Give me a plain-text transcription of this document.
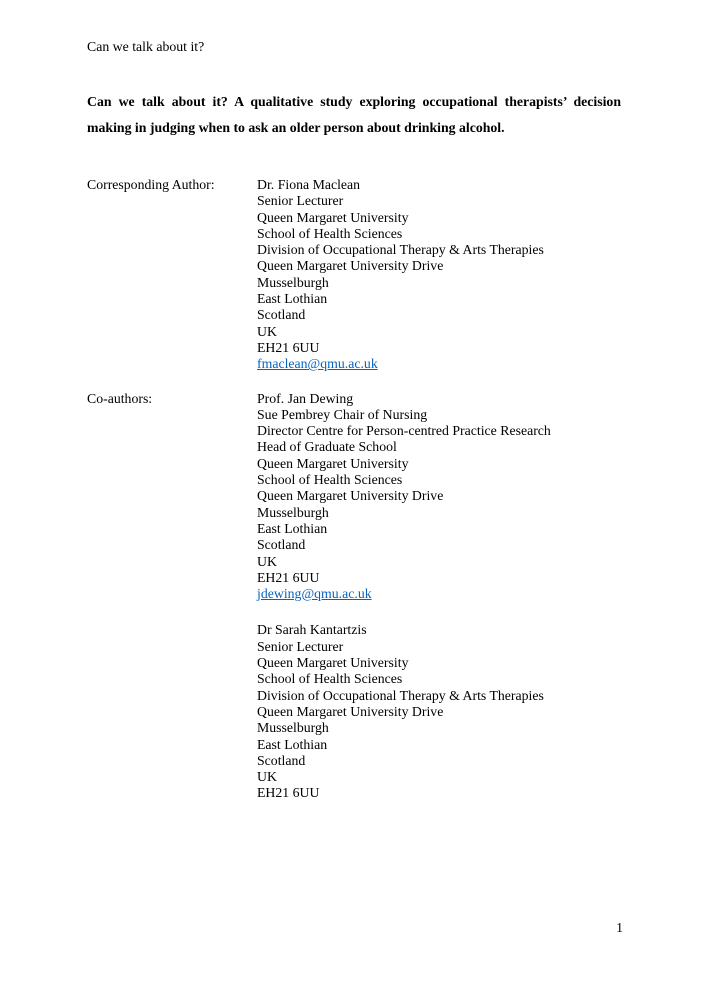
Can we talk about it?
Can we talk about it? A qualitative study exploring occupational therapists’ decision
making in judging when to ask an older person about drinking alcohol.
Corresponding Author:	Dr. Fiona Maclean
Senior Lecturer
Queen Margaret University
School of Health Sciences
Division of Occupational Therapy & Arts Therapies
Queen Margaret University Drive
Musselburgh
East Lothian
Scotland
UK
EH21 6UU
fmaclean@qmu.ac.uk
Co-authors:	Prof. Jan Dewing
Sue Pembrey Chair of Nursing
Director Centre for Person-centred Practice Research
Head of Graduate School
Queen Margaret University
School of Health Sciences
Queen Margaret University Drive
Musselburgh
East Lothian
Scotland
UK
EH21 6UU
jdewing@qmu.ac.uk
Dr Sarah Kantartzis
Senior Lecturer
Queen Margaret University
School of Health Sciences
Division of Occupational Therapy & Arts Therapies
Queen Margaret University Drive
Musselburgh
East Lothian
Scotland
UK
EH21 6UU
1
